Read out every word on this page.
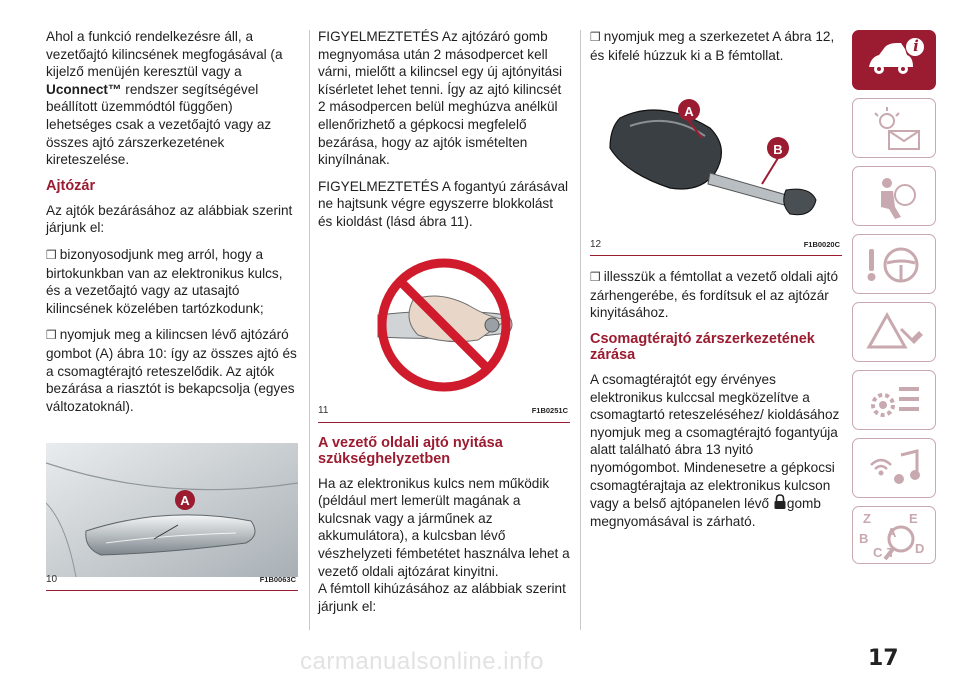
Ahol a funkció rendelkezésre áll, a vezetőajtó kilincsének megfogásával (a kijelző menüjén keresztül vagy a Uconnect™ rendszer segítségével beállított üzemmódtól függően) lehetséges csak a vezetőajtó vagy az összes ajtó zárszerkezetének kireteszelése.

Ajtózár

Az ajtók bezárásához az alábbiak szerint járjunk el:

❒ bizonyosodjunk meg arról, hogy a birtokunkban van az elektronikus kulcs, és a vezetőajtó vagy az utasajtó kilincsének közelében tartózkodunk;

❒ nyomjuk meg a kilincsen lévő ajtózáró gombot (A) ábra 10: így az összes ajtó és a csomagtérajtó reteszelődik. Az ajtók bezárása a riasztót is bekapcsolja (egyes változatoknál).

A
10	F1B0063C

FIGYELMEZTETÉS Az ajtózáró gomb megnyomása után 2 másodpercet kell várni, mielőtt a kilincsel egy új ajtónyitási kísérletet lehet tenni. Így az ajtó kilincsét 2 másodpercen belül meghúzva anélkül ellenőrizhető a gépkocsi megfelelő bezárása, hogy az ajtók ismételten kinyílnának.

FIGYELMEZTETÉS A fogantyú zárásával ne hajtsunk végre egyszerre blokkolást és kioldást (lásd ábra 11).

11	F1B0251C
A vezető oldali ajtó nyitása szükséghelyzetben

Ha az elektronikus kulcs nem működik (például mert lemerült magának a kulcsnak vagy a járműnek az akkumulátora), a kulcsban lévő vészhelyzeti fémbetétet használva lehet a vezető oldali ajtózárat kinyitni.

A fémtoll kihúzásához az alábbiak szerint járjunk el:

❒ nyomjuk meg a szerkezetet A ábra 12, és kifelé húzzuk ki a B fémtollat.

A
B
12	F1B0020C

❒ illesszük a fémtollat a vezető oldali ajtó zárhengerébe, és fordítsuk el az ajtózár kinyitásához.

Csomagtérajtó zárszerkezetének zárása

A csomagtérajtót egy érvényes elektronikus kulccsal megközelítve a csomagtartó reteszeléséhez/ kioldásához nyomjuk meg a csomagtérajtó fogantyúja alatt található ábra 13 nyitó nyomógombot. Mindenesetre a gépkocsi csomagtérajtaja az elektronikus kulcson vagy a belső ajtópanelen lévő gomb megnyomásával is zárható.

i
Z	E
B
C T D
A
carmanualsonline.info	17
